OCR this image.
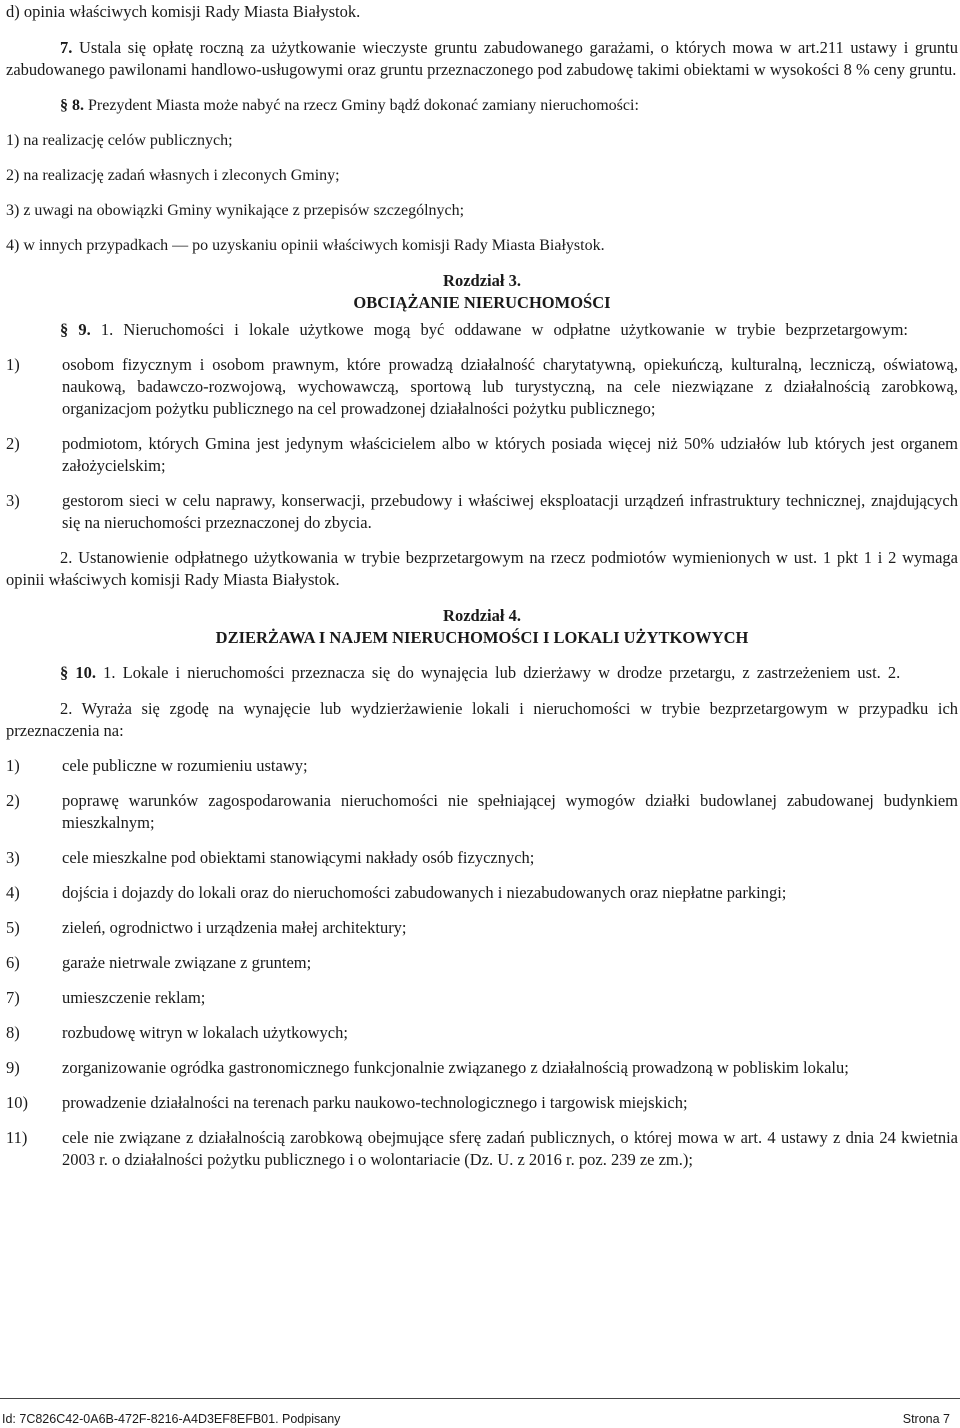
d) opinia właściwych komisji Rady Miasta Białystok.

7. Ustala się opłatę roczną za użytkowanie wieczyste gruntu zabudowanego garażami, o których mowa w art.211 ustawy i gruntu zabudowanego pawilonami handlowo-usługowymi oraz gruntu przeznaczonego pod zabudowę takimi obiektami w wysokości 8 % ceny gruntu.

§ 8. Prezydent Miasta może nabyć na rzecz Gminy bądź dokonać zamiany nieruchomości:

1) na realizację celów publicznych;

2) na realizację zadań własnych i zleconych Gminy;

3) z uwagi na obowiązki Gminy wynikające z przepisów szczególnych;

4) w innych przypadkach — po uzyskaniu opinii właściwych komisji Rady Miasta Białystok.

Rozdział 3.
OBCIĄŻANIE NIERUCHOMOŚCI

§ 9. 1. Nieruchomości i lokale użytkowe mogą być oddawane w odpłatne użytkowanie w trybie bezprzetargowym:

1)	osobom fizycznym i osobom prawnym, które prowadzą działalność charytatywną, opiekuńczą, kulturalną, leczniczą, oświatową, naukową, badawczo-rozwojową, wychowawczą, sportową lub turystyczną, na cele niezwiązane z działalnością zarobkową, organizacjom pożytku publicznego na cel prowadzonej działalności pożytku publicznego;

2)	podmiotom, których Gmina jest jedynym właścicielem albo w których posiada więcej niż 50% udziałów lub których jest organem założycielskim;

3)	gestorom sieci w celu naprawy, konserwacji, przebudowy i właściwej eksploatacji urządzeń infrastruktury technicznej, znajdujących się na nieruchomości przeznaczonej do zbycia.

2. Ustanowienie odpłatnego użytkowania w trybie bezprzetargowym na rzecz podmiotów wymienionych w ust. 1 pkt 1 i 2 wymaga opinii właściwych komisji Rady Miasta Białystok.

Rozdział 4.
DZIERŻAWA I NAJEM NIERUCHOMOŚCI I LOKALI UŻYTKOWYCH

§ 10. 1. Lokale i nieruchomości przeznacza się do wynajęcia lub dzierżawy w drodze przetargu, z zastrzeżeniem ust. 2.

2. Wyraża się zgodę na wynajęcie lub wydzierżawienie lokali i nieruchomości w trybie bezprzetargowym w przypadku ich przeznaczenia na:

1)	cele publiczne w rozumieniu ustawy;

2)	poprawę warunków zagospodarowania nieruchomości nie spełniającej wymogów działki budowlanej zabudowanej budynkiem mieszkalnym;

3)	cele mieszkalne pod obiektami stanowiącymi nakłady osób fizycznych;

4)	dojścia i dojazdy do lokali oraz do nieruchomości zabudowanych i niezabudowanych oraz niepłatne parkingi;

5)	zieleń, ogrodnictwo i urządzenia małej architektury;

6)	garaże nietrwale związane z gruntem;

7)	umieszczenie reklam;

8)	rozbudowę witryn w lokalach użytkowych;

9)	zorganizowanie ogródka gastronomicznego funkcjonalnie związanego z działalnością prowadzoną w pobliskim lokalu;

10) prowadzenie działalności na terenach parku naukowo-technologicznego i targowisk miejskich;

11) cele nie związane z działalnością zarobkową obejmujące sferę zadań publicznych, o której mowa w art. 4 ustawy z dnia 24 kwietnia 2003 r. o działalności pożytku publicznego i o wolontariacie (Dz. U. z 2016 r. poz. 239 ze zm.);

Id: 7C826C42-0A6B-472F-8216-A4D3EF8EFB01. Podpisany	Strona 7
